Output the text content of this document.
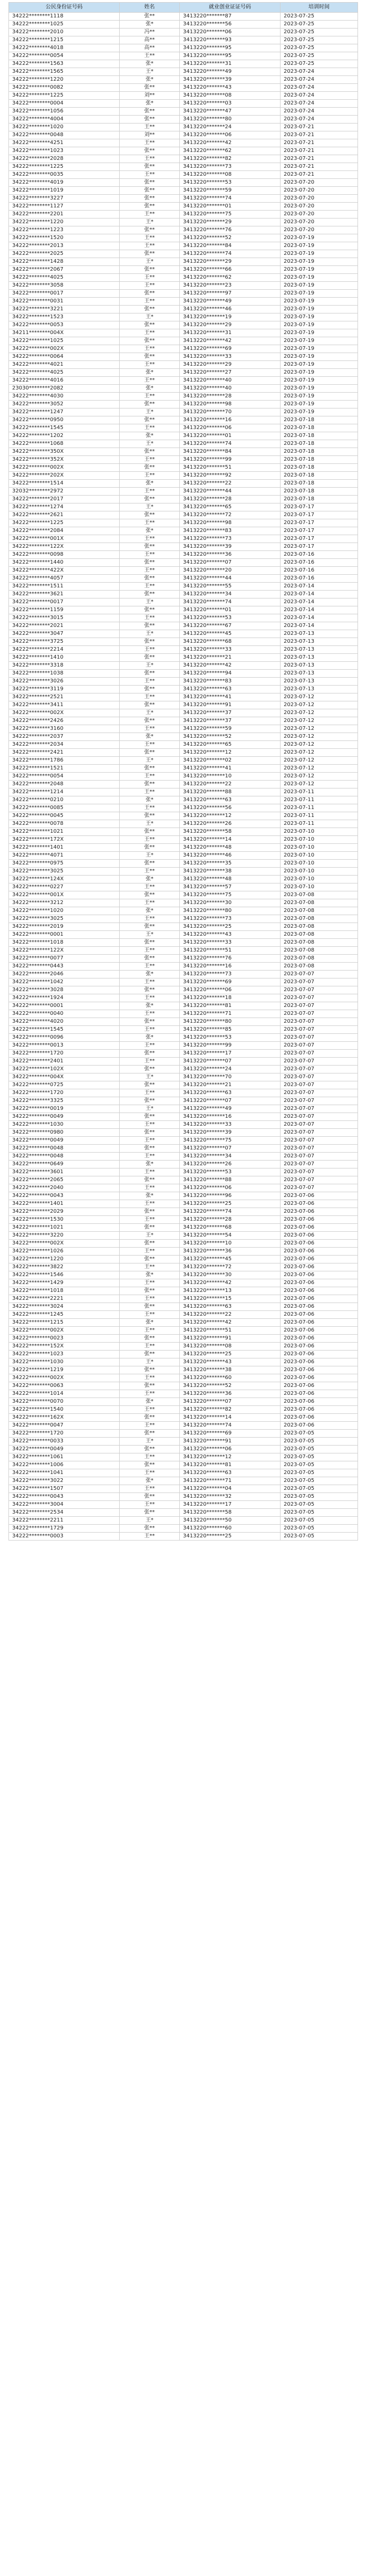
公民身份证号码	姓名	就业创业证证号码	培训时间
34222********1118	张**	3413220*******87	2023-07-25
34222********1025	张*	3413220*******56	2023-07-25
34222********2010	冯**	3413220*******06	2023-07-25
34222********1215	高**	3413220*******93	2023-07-25
34222********4018	高**	3413220*******95	2023-07-25
34222********0054	王**	3413220*******95	2023-07-25
34222********1563	张*	3413220*******31	2023-07-25
34222********1565	王*	3413220*******49	2023-07-24
34222********1220	张*	3413220*******39	2023-07-24
34222********0082	张**	3413220*******43	2023-07-24
34222********1225	刘**	3413220*******08	2023-07-24
34222********0004	张*	3413220*******03	2023-07-24
34222********1056	张**	3413220*******47	2023-07-24
34222********4004	张**	3413220*******80	2023-07-24
34222********1020	王**	3413220*******24	2023-07-21
34222********0048	刘**	3413220*******06	2023-07-21
34222********4251	王**	3413220*******42	2023-07-21
34222********1023	张**	3413220*******62	2023-07-21
34222********2028	王**	3413220*******82	2023-07-21
34222********1225	张**	3413220*******73	2023-07-21
34222********0035	王**	3413220*******08	2023-07-21
34222********4019	张**	3413220*******53	2023-07-20
34222********1019	张**	3413220*******59	2023-07-20
34222********3227	张**	3413220*******74	2023-07-20
34222********1127	张**	3413220*******01	2023-07-20
34222********2201	王**	3413220*******75	2023-07-20
34222********1220	王*	3413220*******29	2023-07-20
34222********1223	张**	3413220*******76	2023-07-20
34222********1520	王**	3413220*******52	2023-07-19
34222********2013	王**	3413220*******84	2023-07-19
34222********2025	张**	3413220*******74	2023-07-19
34222********1428	王*	3413220*******29	2023-07-19
34222********2067	张**	3413220*******66	2023-07-19
34222********4025	王**	3413220*******62	2023-07-19
34222********3058	王**	3413220*******23	2023-07-19
34222********0017	张**	3413220*******97	2023-07-19
34222********0031	王**	3413220*******49	2023-07-19
34222********3221	张**	3413220*******46	2023-07-19
34222********1523	王*	3413220*******19	2023-07-19
34222********0053	张**	3413220*******29	2023-07-19
34211********004X	王**	3413220*******31	2023-07-19
34222********1025	张**	3413220*******42	2023-07-19
34222********002X	王**	3413220*******69	2023-07-19
34222********0064	张**	3413220*******33	2023-07-19
34222********4021	王**	3413220*******29	2023-07-19
34222********4025	张*	3413220*******27	2023-07-19
34222********4016	王**	3413220*******40	2023-07-19
23030********2082	张*	3413220*******40	2023-07-19
34222********4030	王**	3413220*******28	2023-07-19
34222********3052	张**	3413220*******98	2023-07-19
34222********1247	王*	3413220*******70	2023-07-19
34222********0950	张**	3413220*******16	2023-07-18
34222********1545	王**	3413220*******06	2023-07-18
34222********1202	张*	3413220*******01	2023-07-18
34222********1068	王*	3413220*******74	2023-07-18
34222********350X	张**	3413220*******84	2023-07-18
34222********352X	王**	3413220*******99	2023-07-18
34222********002X	张**	3413220*******51	2023-07-18
34222********202X	王**	3413220*******92	2023-07-18
34222********1514	张*	3413220*******22	2023-07-18
32032********2972	王**	3413220*******44	2023-07-18
34222********2017	张**	3413220*******28	2023-07-18
34222********1274	王*	3413220*******65	2023-07-17
34222********2621	张**	3413220*******72	2023-07-17
34222********1225	王**	3413220*******98	2023-07-17
34222********2084	张*	3413220*******83	2023-07-17
34222********001X	王**	3413220*******73	2023-07-17
34222********122X	张**	3413220*******39	2023-07-17
34222********0098	王**	3413220*******36	2023-07-16
34222********1440	张**	3413220*******07	2023-07-16
34222********422X	王**	3413220*******20	2023-07-16
34222********4057	张**	3413220*******44	2023-07-16
34222********1511	王**	3413220*******55	2023-07-14
34222********3621	张**	3413220*******34	2023-07-14
34222********0017	王*	3413220*******74	2023-07-14
34222********1159	张**	3413220*******01	2023-07-14
34222********3015	王**	3413220*******53	2023-07-14
34222********2021	张**	3413220*******67	2023-07-14
34222********3047	王*	3413220*******45	2023-07-13
34222********3725	张**	3413220*******68	2023-07-13
34222********2214	王**	3413220*******33	2023-07-13
34222********1410	张**	3413220*******21	2023-07-13
34222********3318	王*	3413220*******42	2023-07-13
34222********1038	张**	3413220*******94	2023-07-13
34222********3026	王**	3413220*******83	2023-07-13
34222********3119	张**	3413220*******63	2023-07-13
34222********2521	王**	3413220*******41	2023-07-12
34222********3411	张**	3413220*******91	2023-07-12
34222********002X	王*	3413220*******37	2023-07-12
34222********2426	张**	3413220*******37	2023-07-12
34222********3160	王**	3413220*******59	2023-07-12
34222********2037	张*	3413220*******52	2023-07-12
34222********2034	王**	3413220*******65	2023-07-12
34222********2421	张**	3413220*******12	2023-07-12
34222********1786	王*	3413220*******02	2023-07-12
34222********1521	张**	3413220*******41	2023-07-12
34222********0054	王**	3413220*******10	2023-07-12
34222********2048	张**	3413220*******22	2023-07-12
34222********1214	王**	3413220*******88	2023-07-11
34222********0210	张*	3413220*******63	2023-07-11
34222********0085	王**	3413220*******56	2023-07-11
34222********0045	张**	3413220*******12	2023-07-11
34222********0078	王*	3413220*******26	2023-07-11
34222********1021	张**	3413220*******58	2023-07-10
34222********172X	王**	3413220*******14	2023-07-10
34222********1401	张**	3413220*******48	2023-07-10
34222********4071	王*	3413220*******46	2023-07-10
34222********0975	张**	3413220*******35	2023-07-10
34222********3025	王**	3413220*******38	2023-07-10
34222********124X	张*	3413220*******48	2023-07-10
34222********0227	王**	3413220*******57	2023-07-10
34222********001X	张**	3413220*******75	2023-07-08
34222********3212	王**	3413220*******30	2023-07-08
34222********1020	张*	3413220*******80	2023-07-08
34222********3025	王**	3413220*******73	2023-07-08
34222********2019	张**	3413220*******25	2023-07-08
34222********0001	王*	3413220*******43	2023-07-08
34222********1018	张**	3413220*******33	2023-07-08
34222********122X	王**	3413220*******51	2023-07-08
34222********0077	张**	3413220*******76	2023-07-08
34222********0443	王**	3413220*******16	2023-07-08
34222********2046	张*	3413220*******73	2023-07-07
34222********1042	王**	3413220*******69	2023-07-07
34222********3028	张**	3413220*******06	2023-07-07
34222********1924	王**	3413220*******18	2023-07-07
34222********0001	张*	3413220*******81	2023-07-07
34222********0040	王**	3413220*******71	2023-07-07
34222********4020	张**	3413220*******80	2023-07-07
34222********1545	王**	3413220*******85	2023-07-07
34222********0096	张*	3413220*******53	2023-07-07
34222********0013	王**	3413220*******99	2023-07-07
34222********1720	张**	3413220*******17	2023-07-07
34222********2401	王**	3413220*******07	2023-07-07
34222********102X	张**	3413220*******24	2023-07-07
34222********004X	王*	3413220*******70	2023-07-07
34222********0725	张**	3413220*******21	2023-07-07
34222********1720	王**	3413220*******63	2023-07-07
34222********3325	张**	3413220*******07	2023-07-07
34222********0019	王*	3413220*******49	2023-07-07
34222********0049	张**	3413220*******16	2023-07-07
34222********1030	王**	3413220*******33	2023-07-07
34222********0980	张**	3413220*******39	2023-07-07
34222********0049	王**	3413220*******75	2023-07-07
34222********0048	张**	3413220*******07	2023-07-07
34222********0048	王**	3413220*******34	2023-07-07
34222********0649	张*	3413220*******26	2023-07-07
34222********3601	王**	3413220*******53	2023-07-07
34222********2065	张**	3413220*******88	2023-07-07
34222********2040	王**	3413220*******06	2023-07-07
34222********0043	张*	3413220*******96	2023-07-06
34222********1401	王**	3413220*******25	2023-07-06
34222********2029	张**	3413220*******74	2023-07-06
34222********1530	王**	3413220*******28	2023-07-06
34222********1021	张**	3413220*******68	2023-07-06
34222********3220	王*	3413220*******54	2023-07-06
34222********002X	张**	3413220*******10	2023-07-06
34222********1026	王**	3413220*******36	2023-07-06
34222********1220	张**	3413220*******45	2023-07-06
34222********3822	王**	3413220*******72	2023-07-06
34222********1546	张*	3413220*******30	2023-07-06
34222********1429	王**	3413220*******42	2023-07-06
34222********1018	张**	3413220*******13	2023-07-06
34222********2221	王**	3413220*******15	2023-07-06
34222********3024	张**	3413220*******63	2023-07-06
34222********1245	王**	3413220*******22	2023-07-06
34222********1215	张*	3413220*******42	2023-07-06
34222********002X	王**	3413220*******51	2023-07-06
34222********0023	张**	3413220*******91	2023-07-06
34222********152X	王**	3413220*******08	2023-07-06
34222********1023	张**	3413220*******25	2023-07-06
34222********1030	王*	3413220*******43	2023-07-06
34222********1219	张**	3413220*******38	2023-07-06
34222********002X	王**	3413220*******60	2023-07-06
34222********0063	张**	3413220*******52	2023-07-06
34222********1014	王**	3413220*******36	2023-07-06
34222********0070	张*	3413220*******07	2023-07-06
34222********1540	王**	3413220*******82	2023-07-06
34222********162X	张**	3413220*******14	2023-07-06
34222********0047	王**	3413220*******74	2023-07-06
34222********1720	张**	3413220*******69	2023-07-05
34222********0033	王*	3413220*******91	2023-07-05
34222********0049	张**	3413220*******06	2023-07-05
34222********1061	王**	3413220*******12	2023-07-05
34222********1006	张**	3413220*******81	2023-07-05
34222********1041	王**	3413220*******63	2023-07-05
34222********3022	张*	3413220*******71	2023-07-05
34222********1507	王**	3413220*******04	2023-07-05
34222********0043	张**	3413220*******32	2023-07-05
34222********3004	王**	3413220*******17	2023-07-05
34222********2534	张**	3413220*******58	2023-07-05
34222********2211	王*	3413220*******50	2023-07-05
34222********1729	张**	3413220*******60	2023-07-05
34222********0003	王**	3413220*******25	2023-07-05
